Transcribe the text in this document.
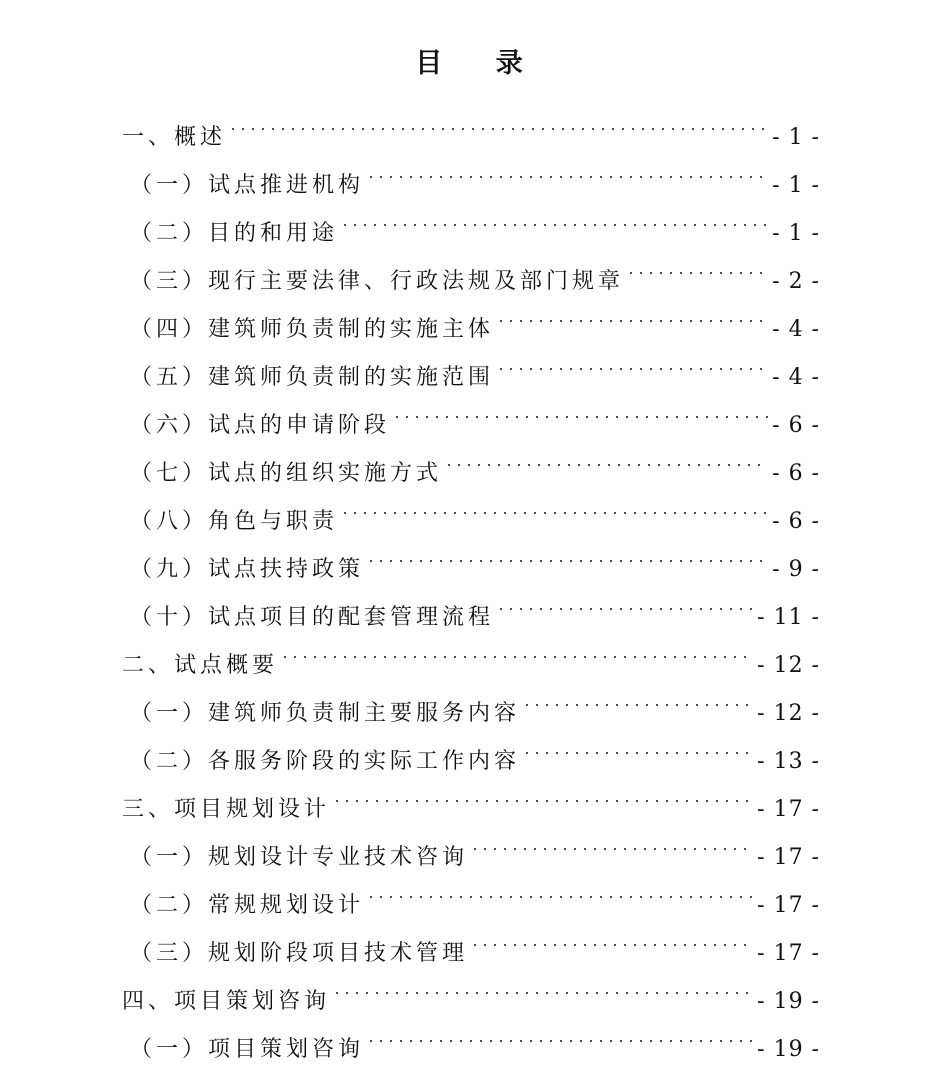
目 录
一、概述	- 1 -
（一）试点推进机构	- 1 -
（二）目的和用途	- 1 -
（三）现行主要法律、行政法规及部门规章	- 2 -
（四）建筑师负责制的实施主体	- 4 -
（五）建筑师负责制的实施范围	- 4 -
（六）试点的申请阶段	- 6 -
（七）试点的组织实施方式	- 6 -
（八）角色与职责	- 6 -
（九）试点扶持政策	- 9 -
（十）试点项目的配套管理流程	- 11 -
二、试点概要	- 12 -
（一）建筑师负责制主要服务内容	- 12 -
（二）各服务阶段的实际工作内容	- 13 -
三、项目规划设计	- 17 -
（一）规划设计专业技术咨询	- 17 -
（二）常规规划设计	- 17 -
（三）规划阶段项目技术管理	- 17 -
四、项目策划咨询	- 19 -
（一）项目策划咨询	- 19 -
